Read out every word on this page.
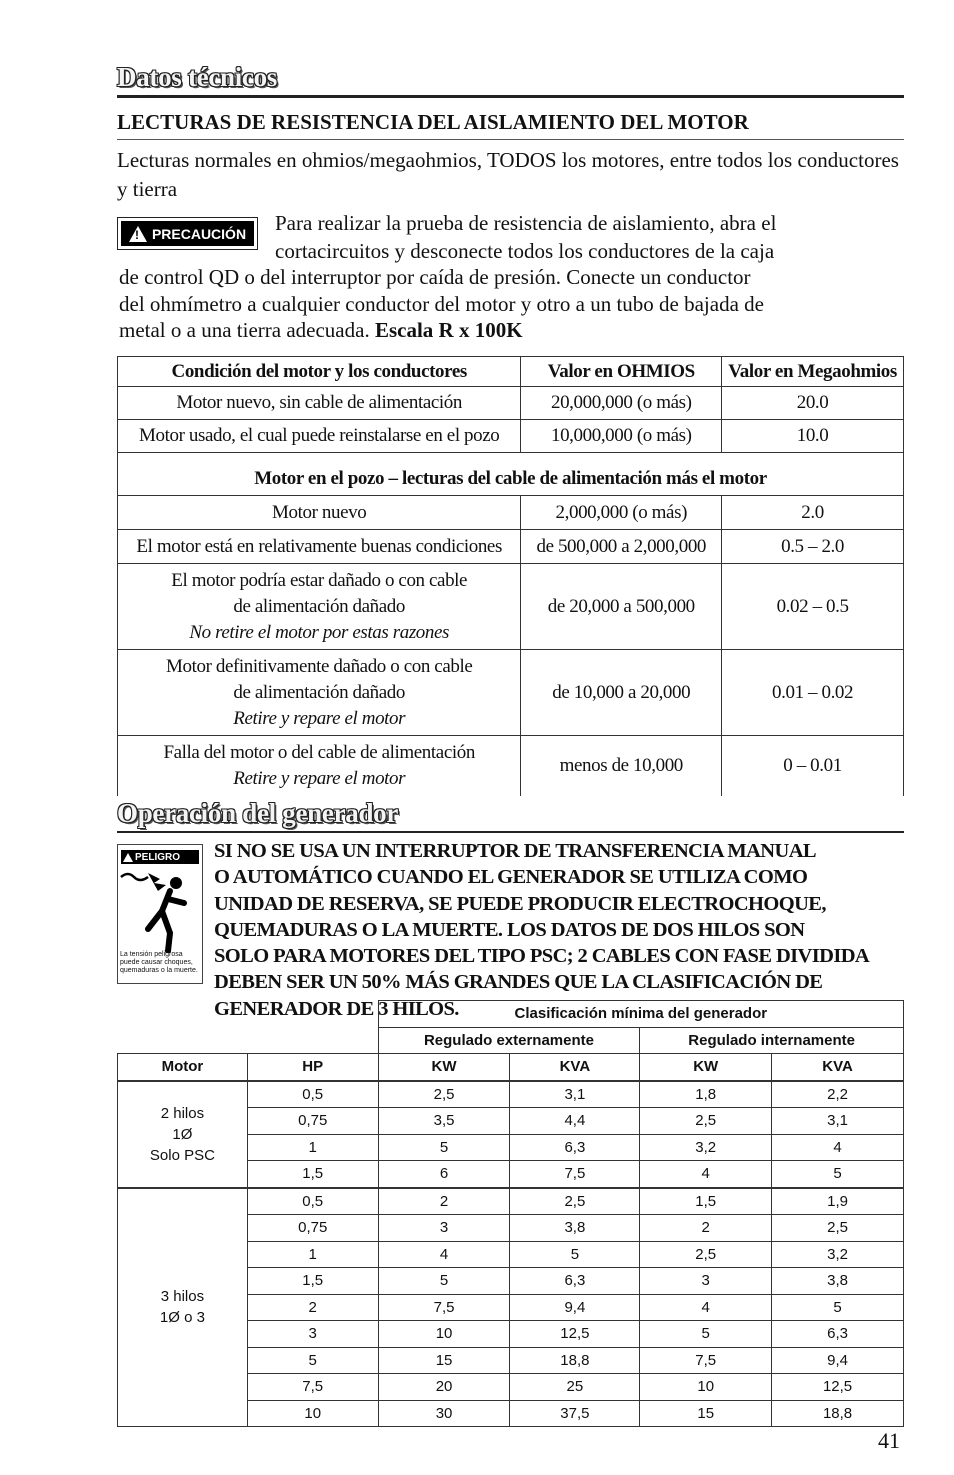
Datos técnicos
LECTURAS DE RESISTENCIA DEL AISLAMIENTO DEL MOTOR
Lecturas normales en ohmios/megaohmios, TODOS los motores, entre todos los conductores y tierra
!
PRECAUCIÓN Para realizar la prueba de resistencia de aislamiento, abra el
cortacircuitos y desconecte todos los conductores de la caja
de control QD o del interruptor por caída de presión. Conecte un conductor
del ohmímetro a cualquier conductor del motor y otro a un tubo de bajada de
metal o a una tierra adecuada. Escala R x 100K
Condición del motor y los conductores	Valor en OHMIOS	Valor en Megaohmios
Motor nuevo, sin cable de alimentación	20,000,000 (o más)	20.0
Motor usado, el cual puede reinstalarse en el pozo	10,000,000 (o más)	10.0

Motor en el pozo – lecturas del cable de alimentación más el motor		
Motor nuevo	2,000,000 (o más)	2.0
El motor está en relativamente buenas condiciones	de 500,000 a 2,000,000	0.5 – 2.0

El motor podría estar dañado o con cable
de alimentación dañado
No retire el motor por estas razones	de 20,000 a 500,000	0.02 – 0.5

Motor definitivamente dañado o con cable
de alimentación dañado
Retire y repare el motor	de 10,000 a 20,000	0.01 – 0.02

Falla del motor o del cable de alimentación
Retire y repare el motor	menos de 10,000	0 – 0.01
Operación del generador
PELIGRO
La tensión peligrosa puede causar choques, quemaduras o la muerte.
SI NO SE USA UN INTERRUPTOR DE TRANSFERENCIA MANUAL
O AUTOMÁTICO CUANDO EL GENERADOR SE UTILIZA COMO
UNIDAD DE RESERVA, SE PUEDE PRODUCIR ELECTROCHOQUE,
QUEMADURAS O LA MUERTE. LOS DATOS DE DOS HILOS SON
SOLO PARA MOTORES DEL TIPO PSC; 2 CABLES CON FASE DIVIDIDA
DEBEN SER UN 50% MÁS GRANDES QUE LA CLASIFICACIÓN DE
GENERADOR DE 3 HILOS.
			Clasificación mínima del generador			
		Regulado externamente		Regulado internamente	
Motor	HP	KW	KVA	KW	KVA

2 hilos
1Ø
Solo PSC	0,5	2,5	3,1	1,8	2,2
	0,75	3,5	4,4	2,5	3,1
	1	5	6,3	3,2	4
	1,5	6	7,5	4	5

3 hilos
1Ø o 3	0,5	2	2,5	1,5	1,9
	0,75	3	3,8	2	2,5
	1	4	5	2,5	3,2
	1,5	5	6,3	3	3,8
	2	7,5	9,4	4	5
	3	10	12,5	5	6,3
	5	15	18,8	7,5	9,4
	7,5	20	25	10	12,5
	10	30	37,5	15	18,8
41
